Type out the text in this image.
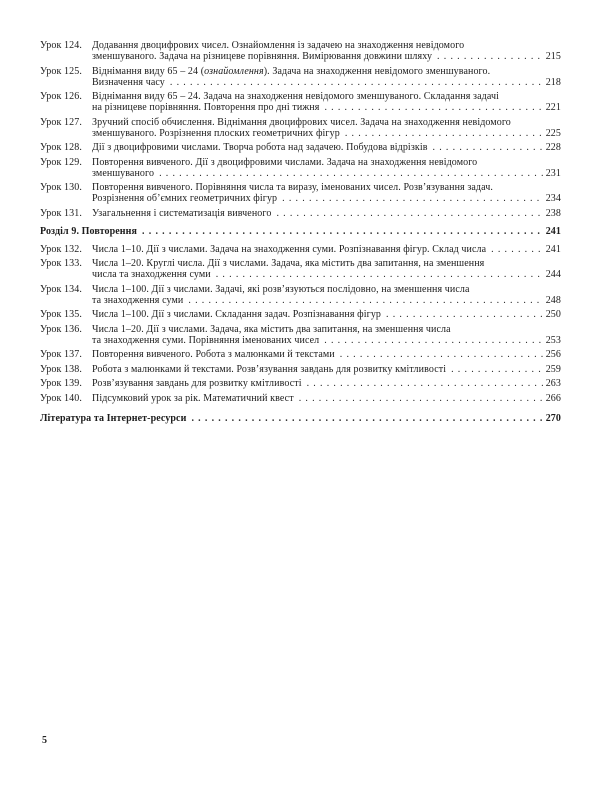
Урок 124.	Додавання двоцифрових чисел. Ознайомлення із задачею на знаходження невідомого
зменшуваного. Задача на різницеве порівняння. Вимірювання довжини шляху .....	215
Урок 125.	Віднімання виду 65 – 24 (ознайомлення). Задача на знаходження невідомого зменшуваного.
Визначення часу .....	218
Урок 126.	Віднімання виду 65 – 24. Задача на знаходження невідомого зменшуваного. Складання задачі
на різницеве порівняння. Повторення про дні тижня .....	221
Урок 127.	Зручний спосіб обчислення. Віднімання двоцифрових чисел. Задача на знаходження невідомого
зменшуваного. Розрізнення плоских геометричних фігур .....	225
Урок 128.	Дії з двоцифровими числами. Творча робота над задачею. Побудова відрізків .....	228
Урок 129.	Повторення вивченого. Дії з двоцифровими числами. Задача на знаходження невідомого
зменшуваного .....	231
Урок 130.	Повторення вивченого. Порівняння числа та виразу, іменованих чисел. Розв’язування задач.
Розрізнення об’ємних геометричних фігур .....	234
Урок 131.	Узагальнення і систематизація вивченого .....	238
Розділ 9. Повторення .....	241
Урок 132.	Числа 1–10. Дії з числами. Задача на знаходження суми. Розпізнавання фігур. Склад числа .....	241
Урок 133.	Числа 1–20. Круглі числа. Дії з числами. Задача, яка містить два запитання, на зменшення
числа та знаходження суми .....	244
Урок 134.	Числа 1–100. Дії з числами. Задачі, які розв’язуються послідовно, на зменшення числа
та знаходження суми .....	248
Урок 135.	Числа 1–100. Дії з числами. Складання задач. Розпізнавання фігур .....	250
Урок 136.	Числа 1–20. Дії з числами. Задача, яка містить два запитання, на зменшення числа
та знаходження суми. Порівняння іменованих чисел .....	253
Урок 137.	Повторення вивченого. Робота з малюнками й текстами .....	256
Урок 138.	Робота з малюнками й текстами. Розв’язування завдань для розвитку кмітливості .....	259
Урок 139.	Розв’язування завдань для розвитку кмітливості .....	263
Урок 140.	Підсумковий урок за рік. Математичний квест .....	266
Література та Інтернет-ресурси .....	270
5
